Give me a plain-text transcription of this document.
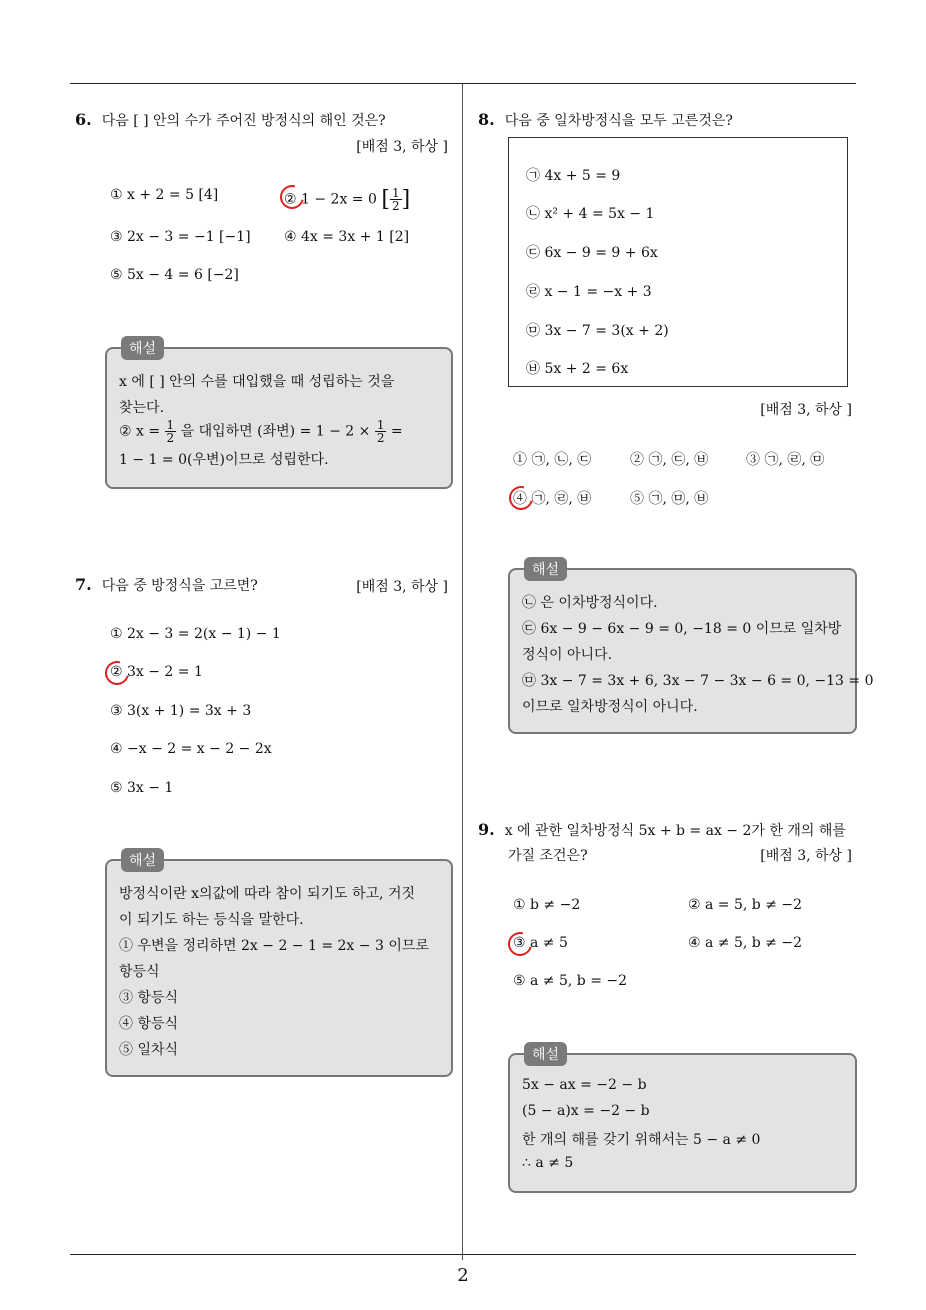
2
6. 다음 [ ] 안의 수가 주어진 방정식의 해인 것은?
[배점 3, 하상 ]
① x + 2 = 5 [4]	② 1 − 2x = 0 [ $\frac{1}{2}$ ]
③ 2x − 3 = −1 [−1] ④ 4x = 3x + 1 [2]
⑤ 5x − 4 = 6 [−2]
해설
x 에 [ ] 안의 수를 대입했을 때 성립하는 것을
찾는다.
② $x = \frac{1}{2}$ 을 대입하면 (좌변) = $1 - 2 \times \frac{1}{2}$ =
1 − 1 = 0(우변)이므로 성립한다.
7. 다음 중 방정식을 고르면?	[배점 3, 하상 ]
① 2x − 3 = 2(x − 1) − 1
② 3x − 2 = 1
③ 3(x + 1) = 3x + 3
④ −x − 2 = x − 2 − 2x
⑤ 3x − 1
해설
방정식이란 x의값에 따라 참이 되기도 하고, 거짓
이 되기도 하는 등식을 말한다.
① 우변을 정리하면 2x − 2 − 1 = 2x − 3 이므로
항등식
③ 항등식
④ 항등식
⑤ 일차식
8. 다음 중 일차방정식을 모두 고른것은?
㉠ 4x + 5 = 9
㉡ x² + 4 = 5x − 1
㉢ 6x − 9 = 9 + 6x
㉣ x − 1 = −x + 3
㉤ 3x − 7 = 3(x + 2)
㉥ 5x + 2 = 6x
[배점 3, 하상 ]
① ㉠, ㉡, ㉢	② ㉠, ㉢, ㉥	③ ㉠, ㉣, ㉤
④ ㉠, ㉣, ㉥	⑤ ㉠, ㉤, ㉥
해설
㉡ 은 이차방정식이다.
㉢ 6x − 9 − 6x − 9 = 0, −18 = 0 이므로 일차방
정식이 아니다.
㉤ 3x − 7 = 3x + 6, 3x − 7 − 3x − 6 = 0, −13 = 0
이므로 일차방정식이 아니다.
9. x 에 관한 일차방정식 5x + b = ax − 2가 한 개의 해를
가질 조건은?	[배점 3, 하상 ]
① b ≠ −2	② a = 5, b ≠ −2
③ a ≠ 5	④ a ≠ 5, b ≠ −2
⑤ a ≠ 5, b = −2
해설
5x − ax = −2 − b
(5 − a)x = −2 − b
한 개의 해를 갖기 위해서는 5 − a ≠ 0
∴ a ≠ 5
